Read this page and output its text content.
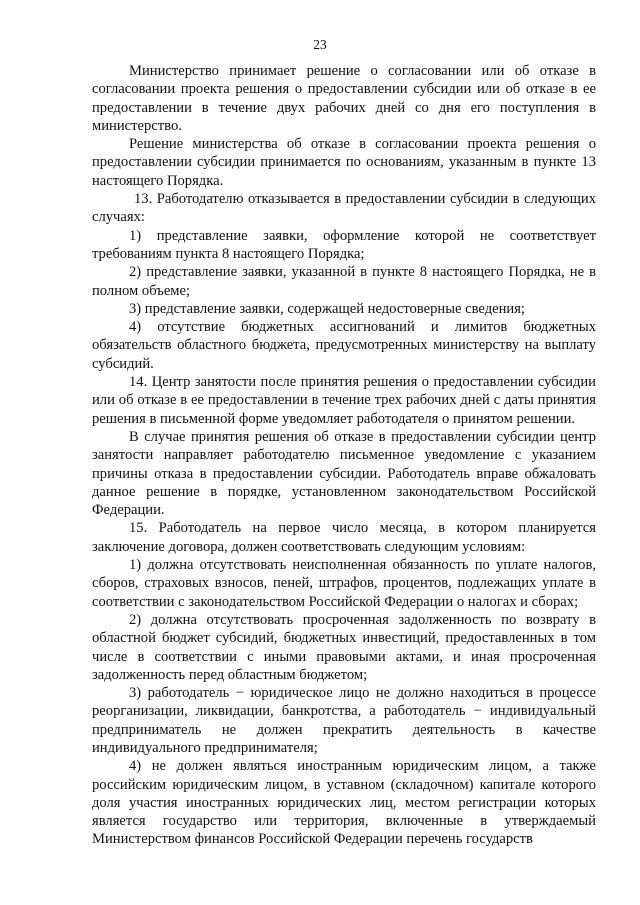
23

Министерство принимает решение о согласовании или об отказе в согласовании проекта решения о предоставлении субсидии или об отказе в ее предоставлении в течение двух рабочих дней со дня его поступления в министерство.

Решение министерства об отказе в согласовании проекта решения о предоставлении субсидии принимается по основаниям, указанным в пункте 13 настоящего Порядка.

13. Работодателю отказывается в предоставлении субсидии в следующих случаях:

1) представление заявки, оформление которой не соответствует требованиям пункта 8 настоящего Порядка;

2) представление заявки, указанной в пункте 8 настоящего Порядка, не в полном объеме;

3) представление заявки, содержащей недостоверные сведения;

4) отсутствие бюджетных ассигнований и лимитов бюджетных обязательств областного бюджета, предусмотренных министерству на выплату субсидий.

14. Центр занятости после принятия решения о предоставлении субсидии или об отказе в ее предоставлении в течение трех рабочих дней с даты принятия решения в письменной форме уведомляет работодателя о принятом решении.

В случае принятия решения об отказе в предоставлении субсидии центр занятости направляет работодателю письменное уведомление с указанием причины отказа в предоставлении субсидии. Работодатель вправе обжаловать данное решение в порядке, установленном законодательством Российской Федерации.

15. Работодатель на первое число месяца, в котором планируется заключение договора, должен соответствовать следующим условиям:

1) должна отсутствовать неисполненная обязанность по уплате налогов, сборов, страховых взносов, пеней, штрафов, процентов, подлежащих уплате в соответствии с законодательством Российской Федерации о налогах и сборах;

2) должна отсутствовать просроченная задолженность по возврату в областной бюджет субсидий, бюджетных инвестиций, предоставленных в том числе в соответствии с иными правовыми актами, и иная просроченная задолженность перед областным бюджетом;

3) работодатель − юридическое лицо не должно находиться в процессе реорганизации, ликвидации, банкротства, а работодатель − индивидуальный предприниматель не должен прекратить деятельность в качестве индивидуального предпринимателя;

4) не должен являться иностранным юридическим лицом, а также российским юридическим лицом, в уставном (складочном) капитале которого доля участия иностранных юридических лиц, местом регистрации которых является государство или территория, включенные в утверждаемый Министерством финансов Российской Федерации перечень государств
